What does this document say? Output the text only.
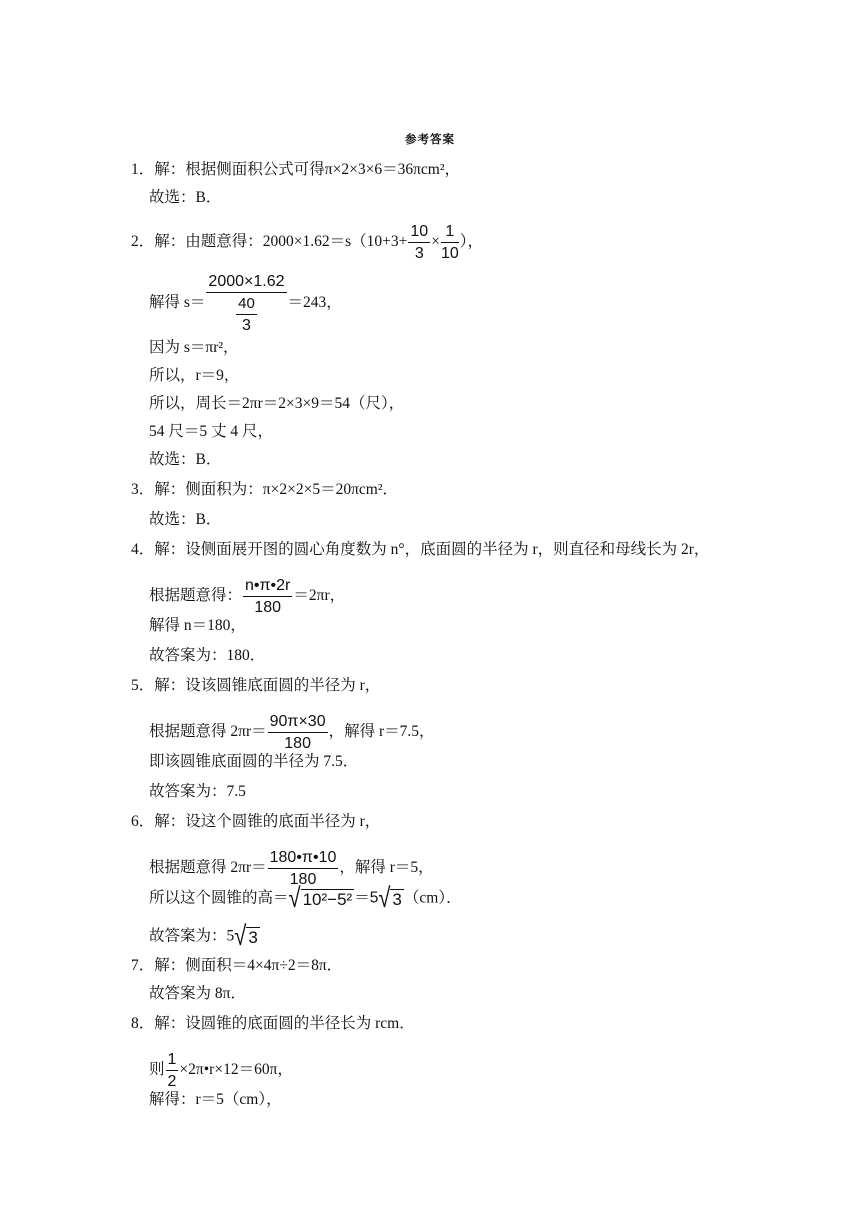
参考答案
1．解：根据侧面积公式可得π×2×3×6＝36πcm²，
故选：B．
2．解：由题意得：$2000\times 1.62=s(10+3+ \frac{10}{3} \times \frac{1}{10}$ ），
解得 $s= \frac{2000\times 1.62}{\frac{40}{3}} =243$，
因为 s＝πr²，
所以，r＝9，
所以，周长＝2πr＝2×3×9＝54（尺），
54 尺＝5 丈 4 尺，
故选：B．
3．解：侧面积为：π×2×2×5＝20πcm²．
故选：B．
4．解：设侧面展开图的圆心角度数为 n°，底面圆的半径为 r，则直径和母线长为 2r，
根据题意得： $\frac{n•\pi•2r}{180} =2\pi r$，
解得 n＝180，
故答案为：180．
5．解：设该圆锥底面圆的半径为 r，
根据题意得 $2\pi r= \frac{90\pi\times 30}{180}$ ，解得 r＝7.5，
即该圆锥底面圆的半径为 7.5．
故答案为：7.5
6．解：设这个圆锥的底面半径为 r，
根据题意得 $2\pi r= \frac{180•\pi•10}{180}$ ，解得 r＝5，
所以这个圆锥的高＝√ 10²−5² ＝5√ 3 （cm）．
故答案为：5√ 3
7．解：侧面积＝4×4π÷2＝8π．
故答案为 8π．
8．解：设圆锥的底面圆的半径长为 rcm．
则 $\frac{1}{2}$ ×2π•r×12＝60π，
解得：r＝5（cm），
